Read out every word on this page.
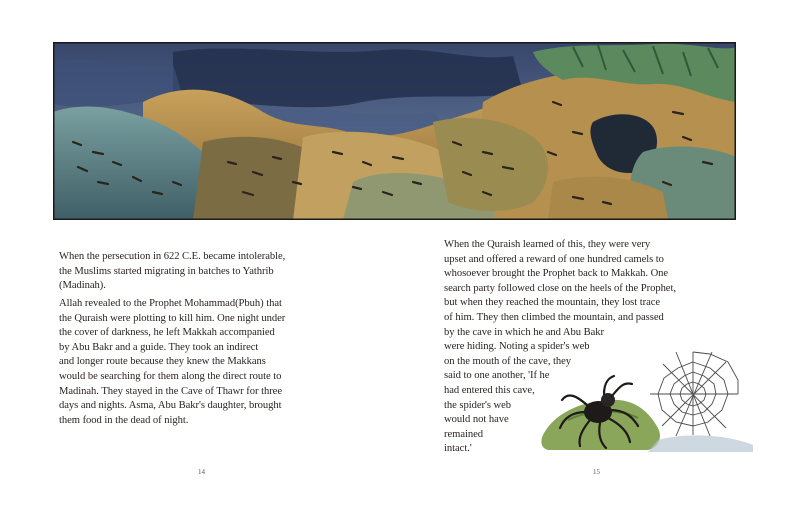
When the persecution in 622 C.E. became intolerable,
the Muslims started migrating in batches to Yathrib
(Madinah).

Allah revealed to the Prophet Mohammad(Pbuh) that
the Quraish were plotting to kill him. One night under
the cover of darkness, he left Makkah accompanied
by Abu Bakr and a guide. They took an indirect
and longer route because they knew the Makkans
would be searching for them along the direct route to
Madinah. They stayed in the Cave of Thawr for three
days and nights. Asma, Abu Bakr's daughter, brought
them food in the dead of night.

14

When the Quraish learned of this, they were very
upset and offered a reward of one hundred camels to
whosoever brought the Prophet back to Makkah. One
search party followed close on the heels of the Prophet,
but when they reached the mountain, they lost trace
of him. They then climbed the mountain, and passed
by the cave in which he and Abu Bakr
were hiding. Noting a spider's web
on the mouth of the cave, they
said to one another, 'If he
had entered this cave,
the spider's web
would not have
remained
intact.'

15
